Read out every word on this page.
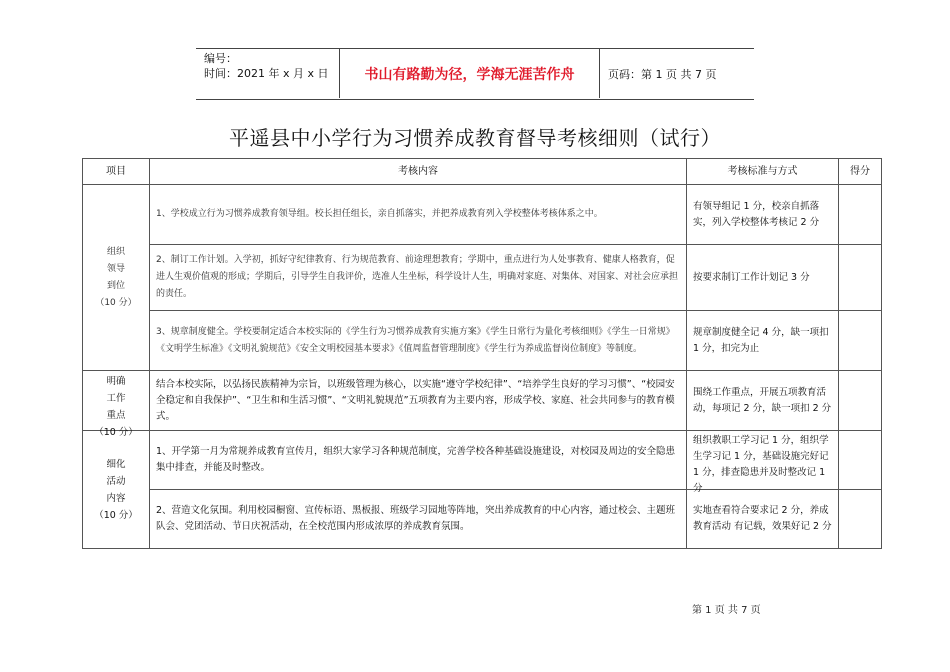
编号：
时间：2021 年 x 月 x 日	书山有路勤为径，学海无涯苦作舟	页码：第 1 页 共 7 页
平遥县中小学行为习惯养成教育督导考核细则（试行）
项目	考核内容	考核标准与方式	得分

组织
领导
到位
（10 分）	1、学校成立行为习惯养成教育领导组。校长担任组长，亲自抓落实，并把养成教育列入学校整体考核体系之中。	有领导组记 1 分，校亲自抓落实，列入学校整体考核记 2 分	
	2、制订工作计划。入学初，抓好守纪律教育、行为规范教育、前途理想教育；学期中，重点进行为人处事教育、健康人格教育，促进人生观价值观的形成；学期后，引导学生自我评价，选准人生坐标，科学设计人生，明确对家庭、对集体、对国家、对社会应承担的责任。	按要求制订工作计划记 3 分	
	3、规章制度健全。学校要制定适合本校实际的《学生行为习惯养成教育实施方案》《学生日常行为量化考核细则》《学生一日常规》《文明学生标准》《文明礼貌规范》《安全文明校园基本要求》《值周监督管理制度》《学生行为养成监督岗位制度》等制度。	规章制度健全记 4 分，缺一项扣 1 分，扣完为止	

明确
工作
重点
（10 分）	结合本校实际，以弘扬民族精神为宗旨，以班级管理为核心，以实施“遵守学校纪律”、“培养学生良好的学习习惯”、“校园安全稳定和自我保护”、“卫生和和生活习惯”、“文明礼貌规范”五项教育为主要内容，形成学校、家庭、社会共同参与的教育模式。	围绕工作重点，开展五项教育活动，每项记 2 分，缺一项扣 2 分	

细化
活动
内容
（10 分）	1、开学第一月为常规养成教育宣传月，组织大家学习各种规范制度，完善学校各种基础设施建设，对校园及周边的安全隐患集中排查，并能及时整改。	组织教职工学习记 1 分，组织学生学习记 1 分，基础设施完好记 1 分，排查隐患并及时整改记 1 分	

	2、营造文化氛围。利用校园橱窗、宣传标语、黑板报、班级学习园地等阵地，突出养成教育的中心内容，通过校会、主题班队会、党团活动、节日庆祝活动，在全校范围内形成浓厚的养成教育氛围。	实地查看符合要求记 2 分，养成教育活动 有记载，效果好记 2 分	
第 1 页 共 7 页
